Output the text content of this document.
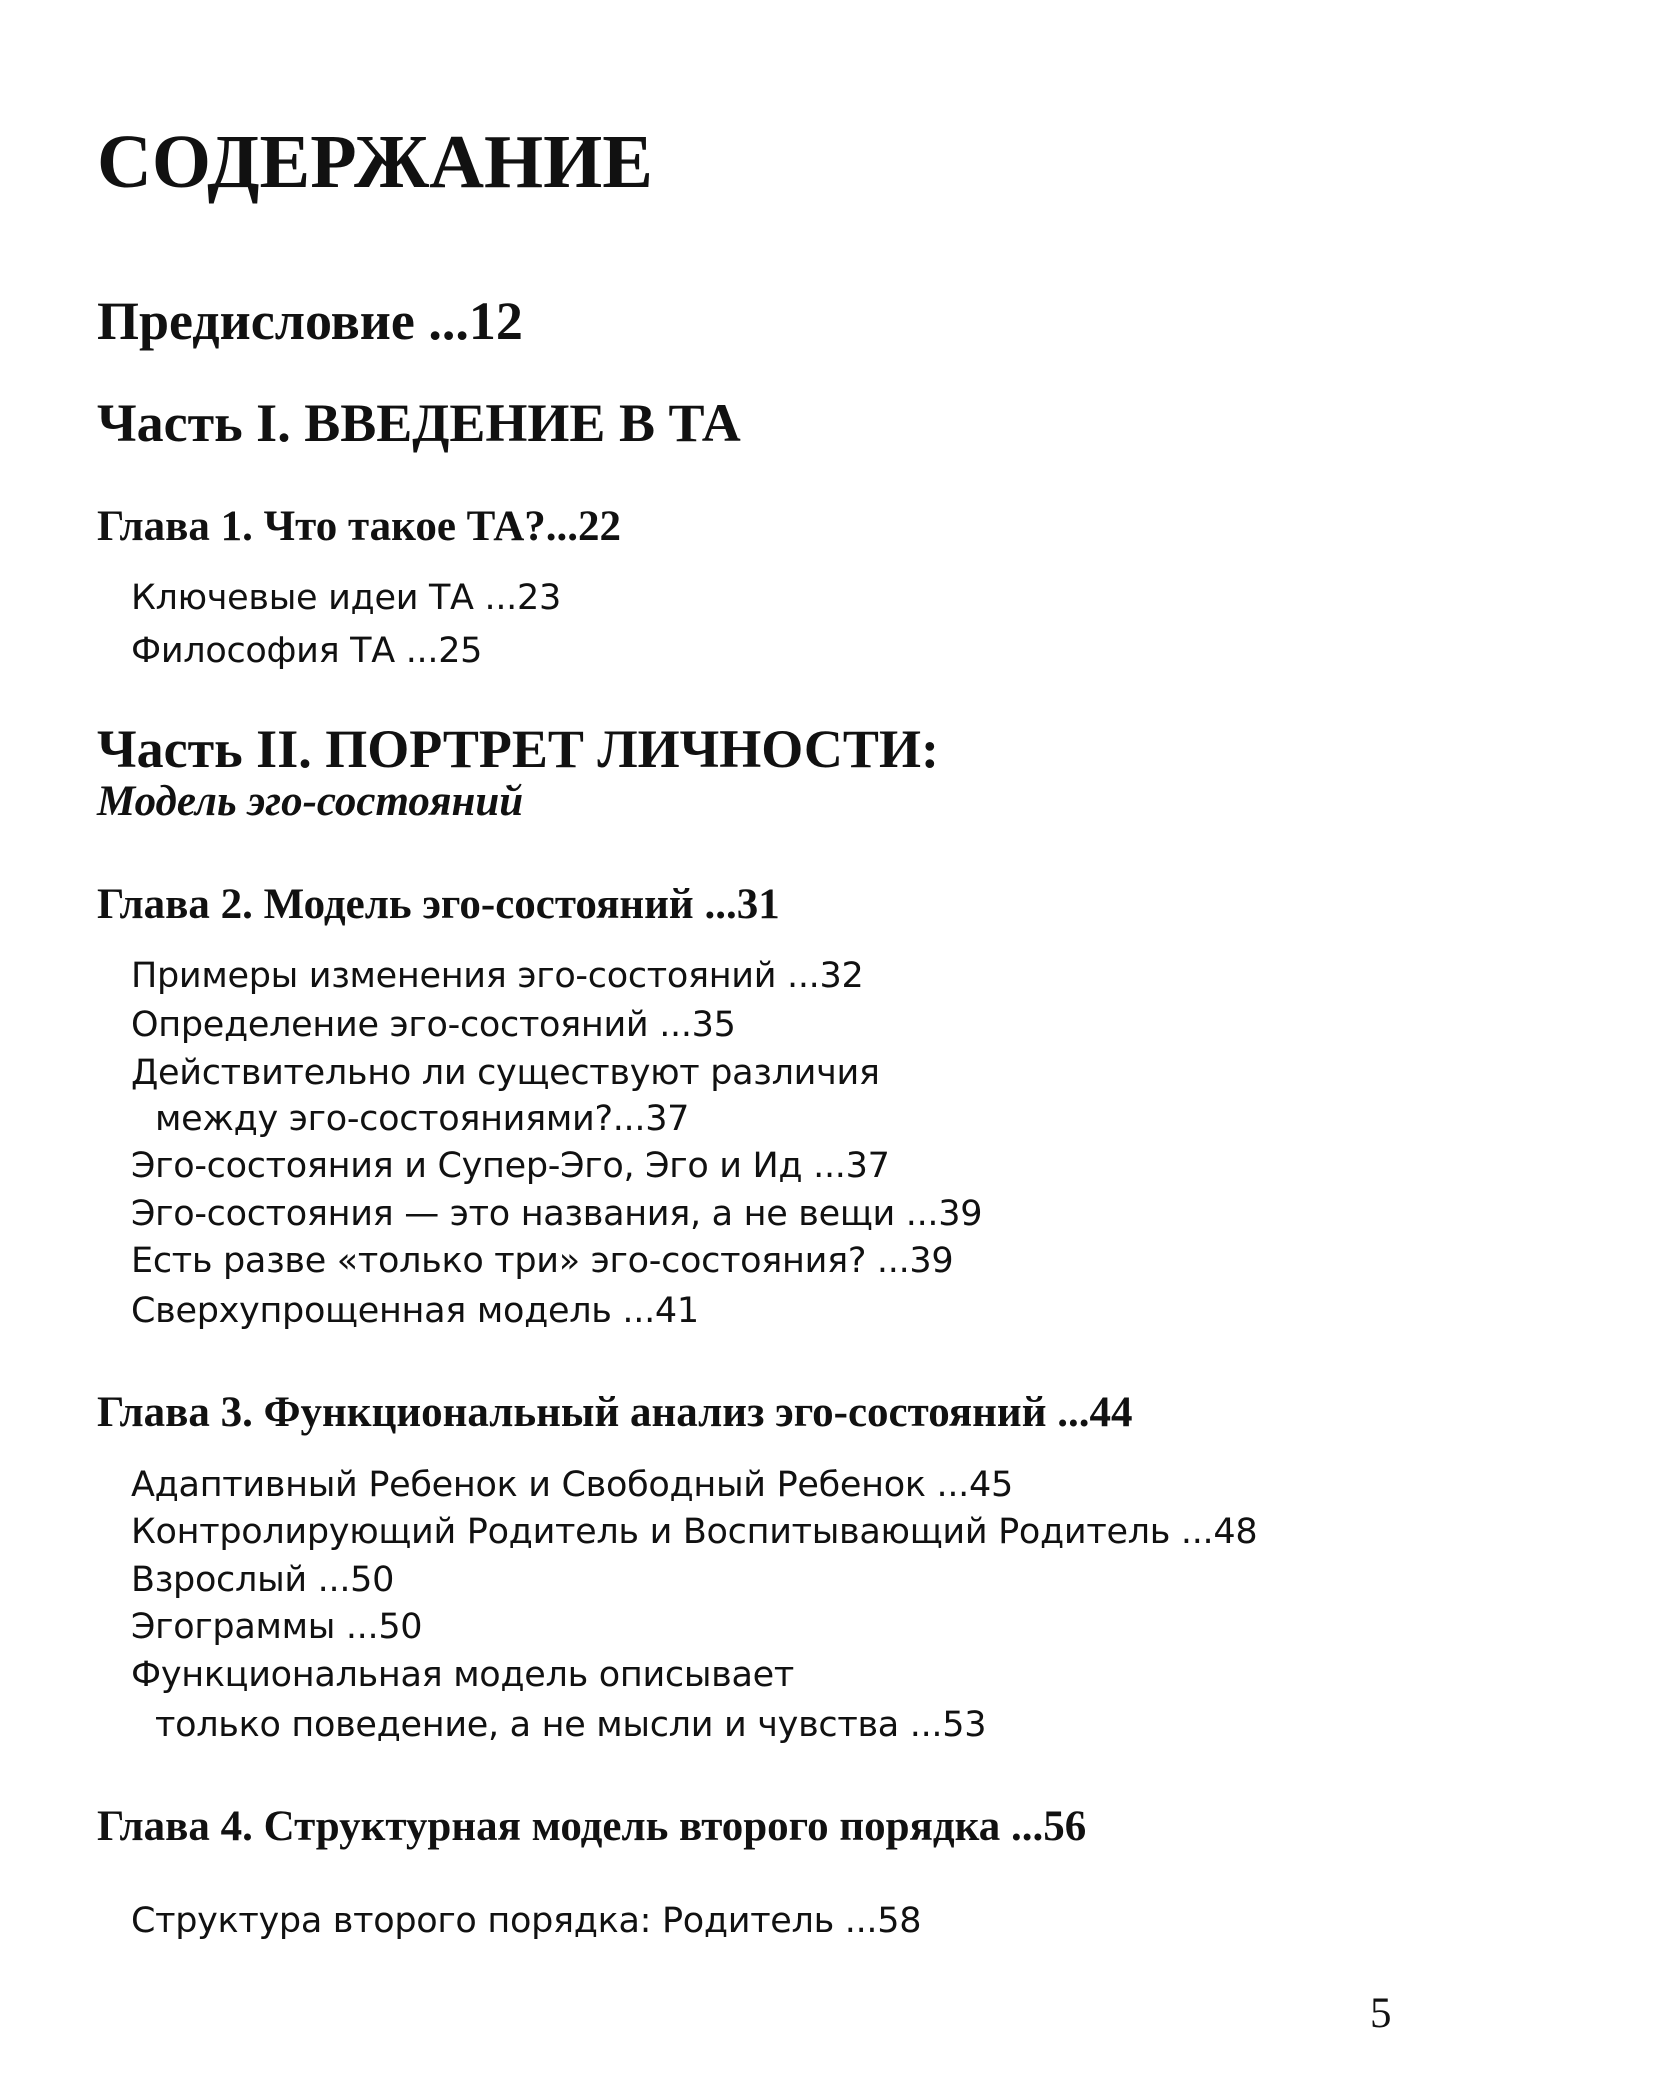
СОДЕРЖАНИЕ
Предисловие ...12
Часть I. ВВЕДЕНИЕ В ТА
Глава 1. Что такое ТА?...22
Ключевые идеи ТА ...23
Философия ТА ...25
Часть II. ПОРТРЕТ ЛИЧНОСТИ:
Модель эго-состояний
Глава 2. Модель эго-состояний ...31
Примеры изменения эго-состояний ...32
Определение эго-состояний ...35
Действительно ли существуют различия
между эго-состояниями?...37
Эго-состояния и Супер-Эго, Эго и Ид ...37
Эго-состояния — это названия, а не вещи ...39
Есть разве «только три» эго-состояния? ...39
Сверхупрощенная модель ...41
Глава 3. Функциональный анализ эго-состояний ...44
Адаптивный Ребенок и Свободный Ребенок ...45
Контролирующий Родитель и Воспитывающий Родитель ...48
Взрослый ...50
Эгограммы ...50
Функциональная модель описывает
только поведение, а не мысли и чувства ...53
Глава 4. Структурная модель второго порядка ...56
Структура второго порядка: Родитель ...58
5
